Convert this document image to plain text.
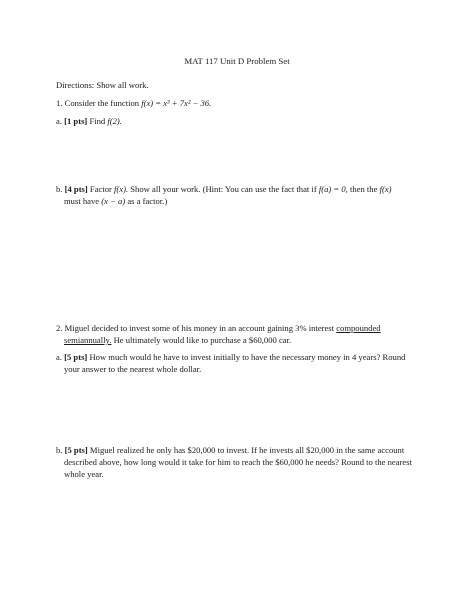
MAT 117 Unit D Problem Set
Directions: Show all work.
1. Consider the function f(x) = x³ + 7x² − 36.
a. [1 pts] Find f(2).
b. [4 pts] Factor f(x). Show all your work. (Hint: You can use the fact that if f(a) = 0, then the f(x)
must have (x − a) as a factor.)
2. Miguel decided to invest some of his money in an account gaining 3% interest compounded
semiannually. He ultimately would like to purchase a $60,000 car.
a. [5 pts] How much would he have to invest initially to have the necessary money in 4 years? Round
your answer to the nearest whole dollar.
b. [5 pts] Miguel realized he only has $20,000 to invest. If he invests all $20,000 in the same account
described above, how long would it take for him to reach the $60,000 he needs? Round to the nearest
whole year.
